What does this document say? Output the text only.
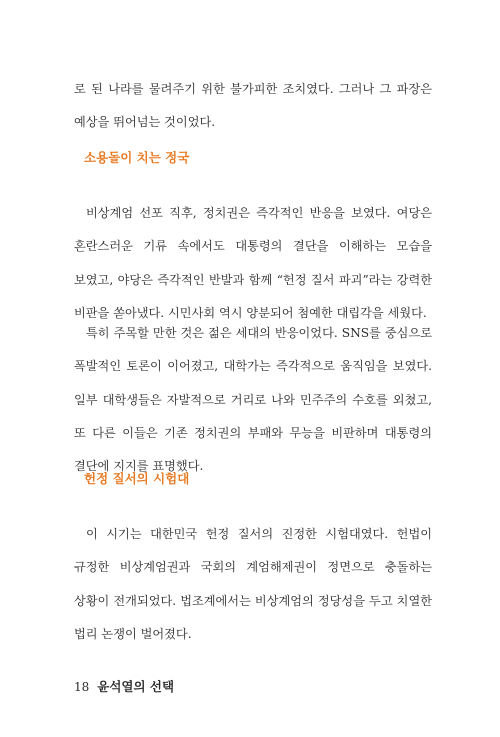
로 된 나라를 물려주기 위한 불가피한 조치였다. 그러나 그 파장은 예상을 뛰어넘는 것이었다.

소용돌이 치는 정국

비상계엄 선포 직후, 정치권은 즉각적인 반응을 보였다. 여당은 혼란스러운 기류 속에서도 대통령의 결단을 이해하는 모습을 보였고, 야당은 즉각적인 반발과 함께 “헌정 질서 파괴”라는 강력한 비판을 쏟아냈다. 시민사회 역시 양분되어 첨예한 대립각을 세웠다.

특히 주목할 만한 것은 젊은 세대의 반응이었다. SNS를 중심으로 폭발적인 토론이 이어졌고, 대학가는 즉각적으로 움직임을 보였다. 일부 대학생들은 자발적으로 거리로 나와 민주주의 수호를 외쳤고, 또 다른 이들은 기존 정치권의 부패와 무능을 비판하며 대통령의 결단에 지지를 표명했다.

헌정 질서의 시험대

이 시기는 대한민국 헌정 질서의 진정한 시험대였다. 헌법이 규정한 비상계엄권과 국회의 계엄해제권이 정면으로 충돌하는 상황이 전개되었다. 법조계에서는 비상계엄의 정당성을 두고 치열한 법리 논쟁이 벌어졌다.

18 윤석열의 선택
